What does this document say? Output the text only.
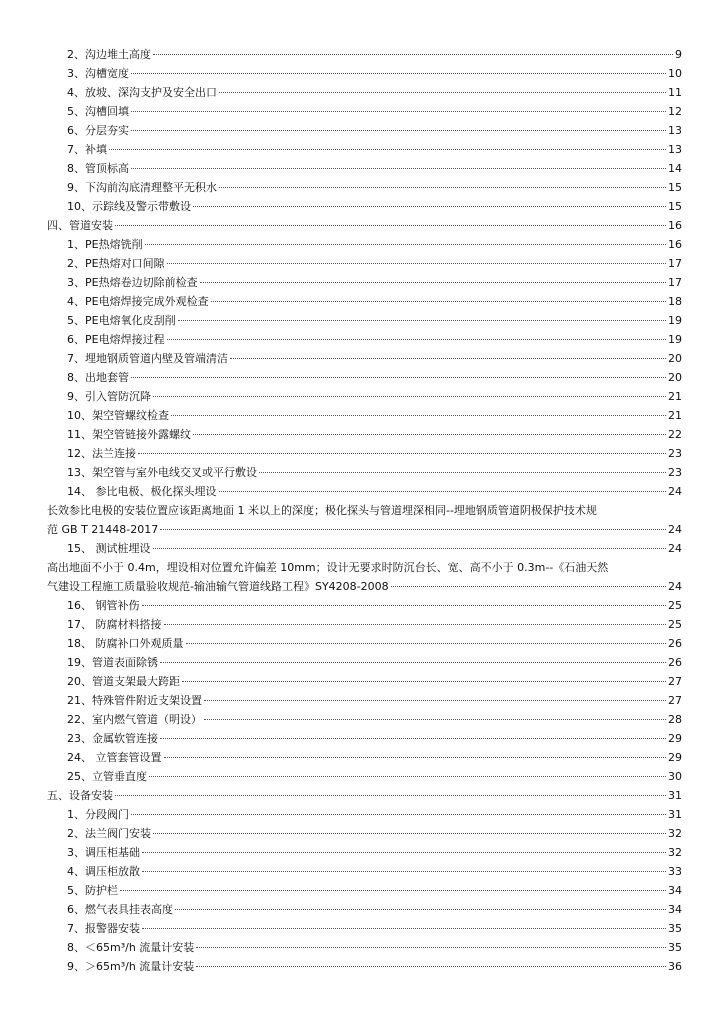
2、沟边堆土高度	9
3、沟槽宽度	10
4、放坡、深沟支护及安全出口	11
5、沟槽回填	12
6、分层夯实	13
7、补填	13
8、管顶标高	14
9、下沟前沟底清理整平无积水	15
10、示踪线及警示带敷设	15
四、管道安装	16
1、PE热熔铣削	16
2、PE热熔对口间隙	17
3、PE热熔卷边切除前检查	17
4、PE电熔焊接完成外观检查	18
5、PE电熔氧化皮刮削	19
6、PE电熔焊接过程	19
7、埋地钢质管道内壁及管端清洁	20
8、出地套管	20
9、引入管防沉降	21
10、架空管螺纹检查	21
11、架空管链接外露螺纹	22
12、法兰连接	23
13、架空管与室外电线交叉或平行敷设	23
14、 参比电极、极化探头埋设	24
长效参比电极的安装位置应该距离地面 1 米以上的深度；极化探头与管道埋深相同--埋地钢质管道阴极保护技术规
范 GB T 21448-2017	24
15、 测试桩埋设	24
高出地面不小于 0.4m，埋设相对位置允许偏差 10mm；设计无要求时防沉台长、宽、高不小于 0.3m--《石油天然
气建设工程施工质量验收规范-输油输气管道线路工程》SY4208-2008	24
16、 钢管补伤	25
17、 防腐材料搭接	25
18、 防腐补口外观质量	26
19、管道表面除锈	26
20、管道支架最大跨距	27
21、特殊管件附近支架设置	27
22、室内燃气管道（明设）	28
23、金属软管连接	29
24、 立管套管设置	29
25、立管垂直度	30
五、设备安装	31
1、分段阀门	31
2、法兰阀门安装	32
3、调压柜基础	32
4、调压柜放散	33
5、防护栏	34
6、燃气表具挂表高度	34
7、报警器安装	35
8、＜65m³/h 流量计安装	35
9、＞65m³/h 流量计安装	36
